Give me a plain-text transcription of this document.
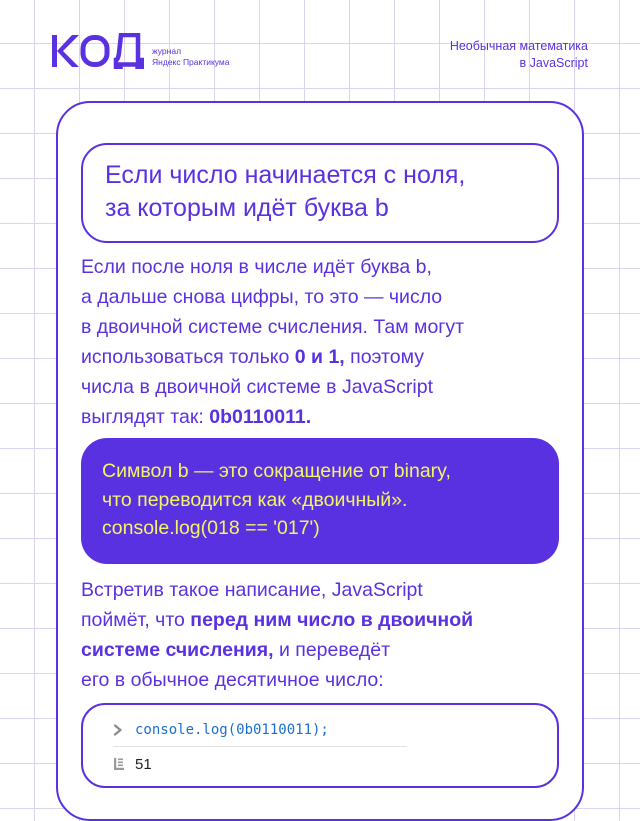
журнал
Яндекс Практикума
Необычная математика
в JavaScript
Если число начинается с ноля,
за которым идёт буква b
Если после ноля в числе идёт буква b,
а дальше снова цифры, то это — число
в двоичной системе счисления. Там могут
использоваться только 0 и 1, поэтому
числа в двоичной системе в JavaScript
выглядят так: 0b0110011.
Символ b — это сокращение от binary,
что переводится как «двоичный».
console.log(018 == '017')
Встретив такое написание, JavaScript
поймёт, что перед ним число в двоичной
системе счисления, и переведёт
его в обычное десятичное число:
console.log(0b0110011);
51
